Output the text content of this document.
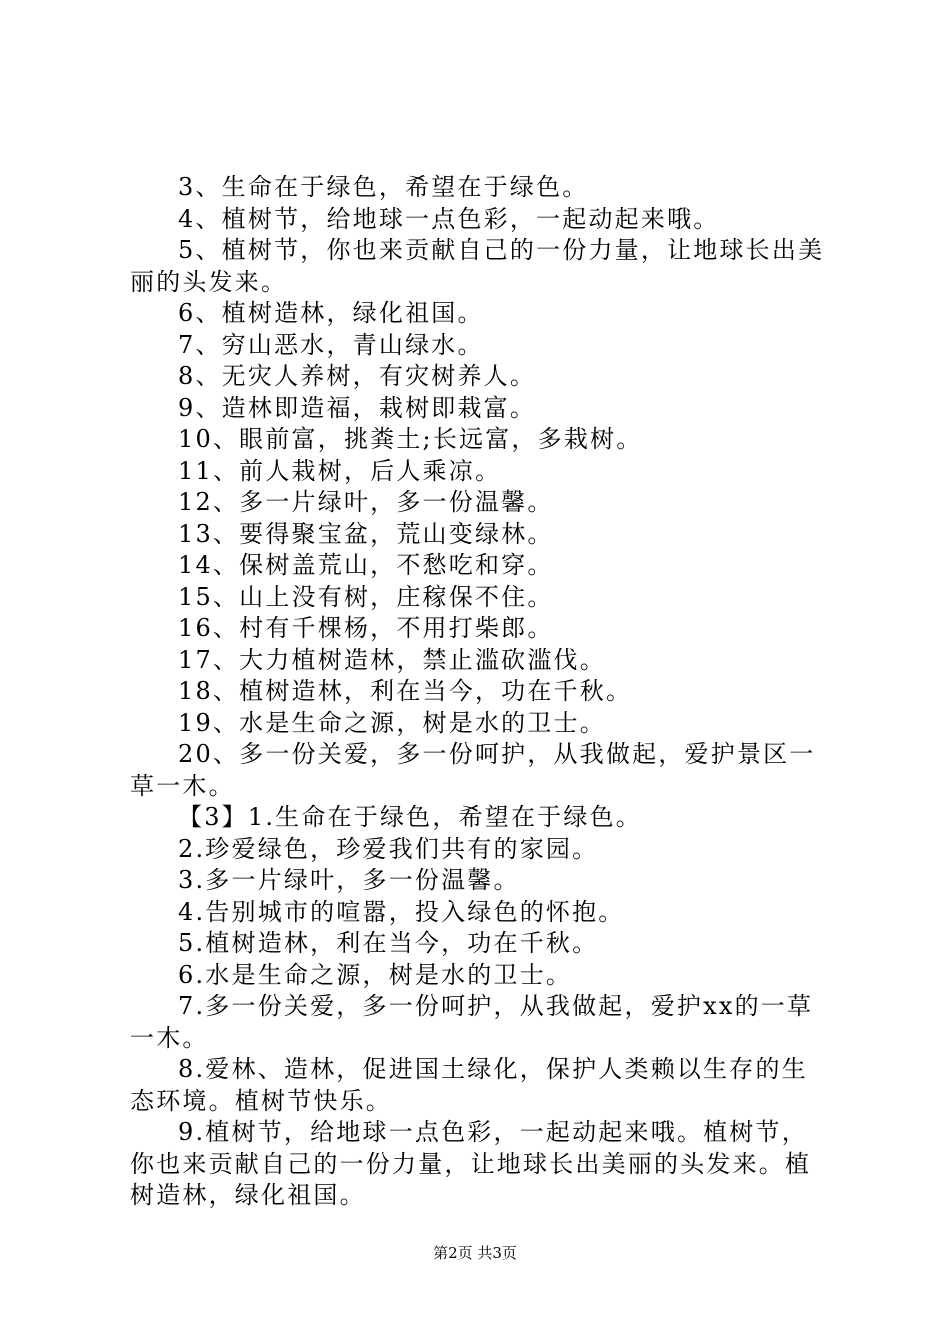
3、生命在于绿色，希望在于绿色。

4、植树节，给地球一点色彩，一起动起来哦。

5、植树节，你也来贡献自己的一份力量，让地球长出美丽的头发来。

6、植树造林，绿化祖国。

7、穷山恶水，青山绿水。

8、无灾人养树，有灾树养人。

9、造林即造福，栽树即栽富。

10、眼前富，挑粪土;长远富，多栽树。

11、前人栽树，后人乘凉。

12、多一片绿叶，多一份温馨。

13、要得聚宝盆，荒山变绿林。

14、保树盖荒山，不愁吃和穿。

15、山上没有树，庄稼保不住。

16、村有千棵杨，不用打柴郎。

17、大力植树造林，禁止滥砍滥伐。

18、植树造林，利在当今，功在千秋。

19、水是生命之源，树是水的卫士。

20、多一份关爱，多一份呵护，从我做起，爱护景区一草一木。

【3】1.生命在于绿色，希望在于绿色。

2.珍爱绿色，珍爱我们共有的家园。

3.多一片绿叶，多一份温馨。

4.告别城市的喧嚣，投入绿色的怀抱。

5.植树造林，利在当今，功在千秋。

6.水是生命之源，树是水的卫士。

7.多一份关爱，多一份呵护，从我做起，爱护xx的一草一木。

8.爱林、造林，促进国土绿化，保护人类赖以生存的生态环境。植树节快乐。

9.植树节，给地球一点色彩，一起动起来哦。植树节，你也来贡献自己的一份力量，让地球长出美丽的头发来。植树造林，绿化祖国。

第2页 共3页
